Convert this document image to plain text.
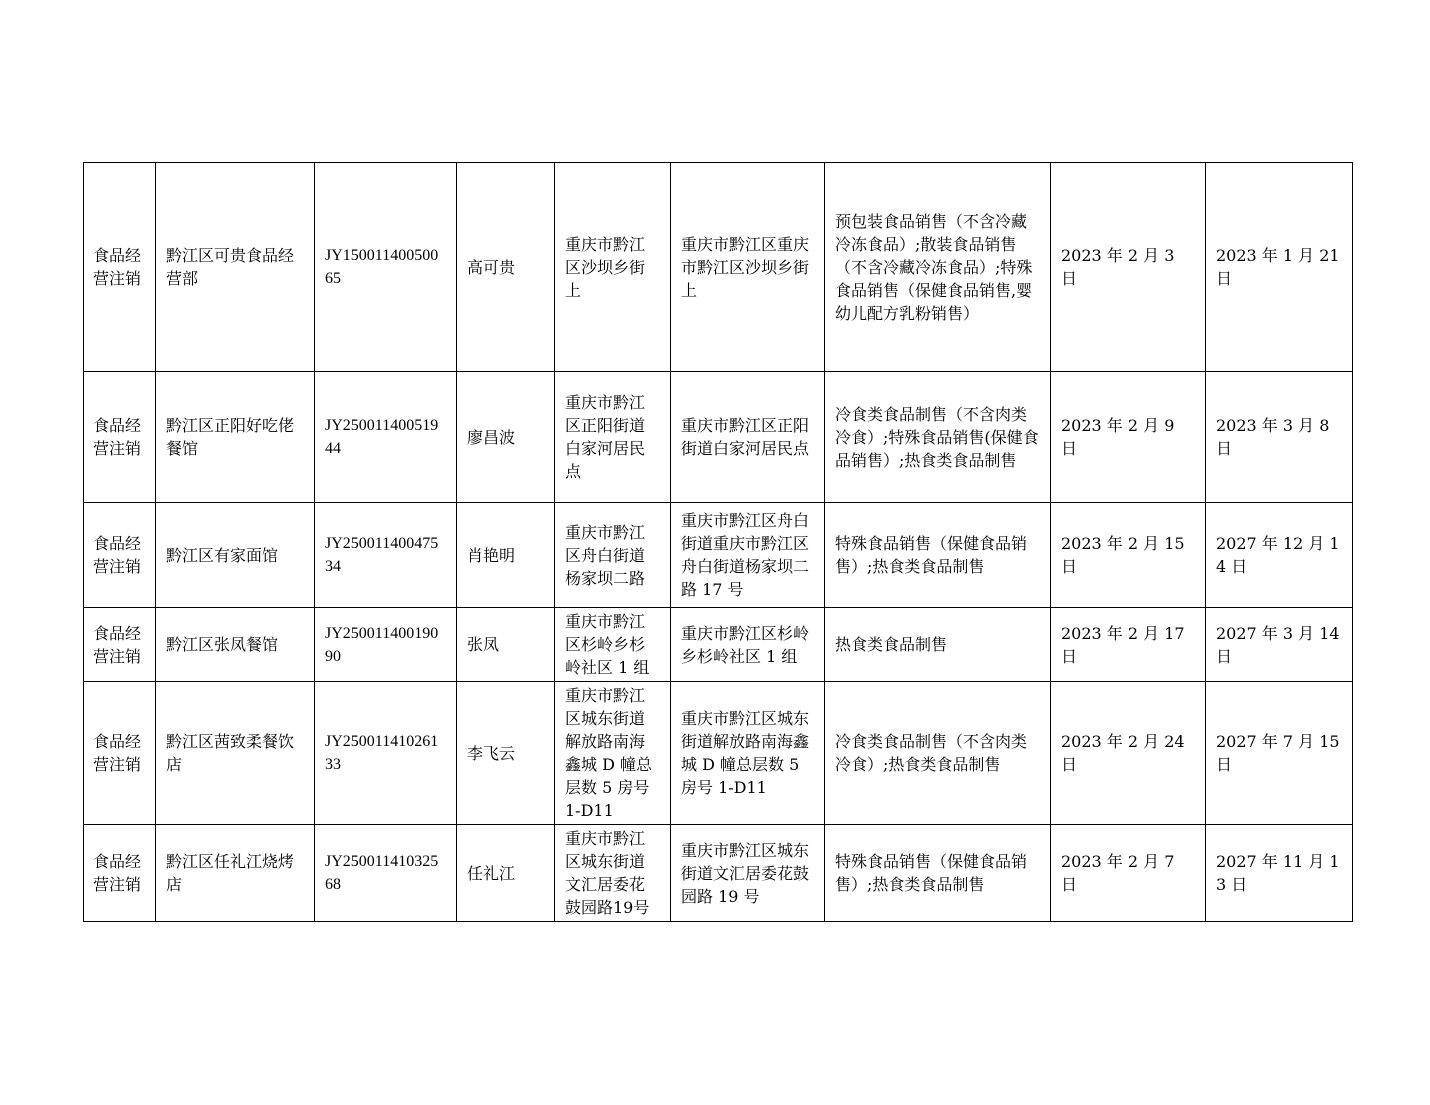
食品经营注销	黔江区可贵食品经营部	JY15001140050065	高可贵	重庆市黔江区沙坝乡街上	重庆市黔江区重庆市黔江区沙坝乡街上	预包装食品销售（不含冷藏冷冻食品）;散装食品销售（不含冷藏冷冻食品）;特殊食品销售（保健食品销售,婴幼儿配方乳粉销售）	2023 年 2 月 3 日	2023 年 1 月 21 日
食品经营注销	黔江区正阳好吃佬餐馆	JY25001140051944	廖昌波	重庆市黔江区正阳街道白家河居民点	重庆市黔江区正阳街道白家河居民点	冷食类食品制售（不含肉类冷食）;特殊食品销售(保健食品销售）;热食类食品制售	2023 年 2 月 9 日	2023 年 3 月 8 日
食品经营注销	黔江区有家面馆	JY25001140047534	肖艳明	重庆市黔江区舟白街道杨家坝二路	重庆市黔江区舟白街道重庆市黔江区舟白街道杨家坝二路 17 号	特殊食品销售（保健食品销售）;热食类食品制售	2023 年 2 月 15 日	2027 年 12 月 14 日
食品经营注销	黔江区张凤餐馆	JY25001140019090	张凤	重庆市黔江区杉岭乡杉岭社区 1 组	重庆市黔江区杉岭乡杉岭社区 1 组	热食类食品制售	2023 年 2 月 17 日	2027 年 3 月 14 日
食品经营注销	黔江区茜致柔餐饮店	JY25001141026133	李飞云	重庆市黔江区城东街道解放路南海鑫城 D 幢总层数 5 房号 1-D11	重庆市黔江区城东街道解放路南海鑫城 D 幢总层数 5 房号 1-D11	冷食类食品制售（不含肉类冷食）;热食类食品制售	2023 年 2 月 24 日	2027 年 7 月 15 日
食品经营注销	黔江区任礼江烧烤店	JY25001141032568	任礼江	重庆市黔江区城东街道文汇居委花鼓园路19号	重庆市黔江区城东街道文汇居委花鼓园路 19 号	特殊食品销售（保健食品销售）;热食类食品制售	2023 年 2 月 7 日	2027 年 11 月 13 日
